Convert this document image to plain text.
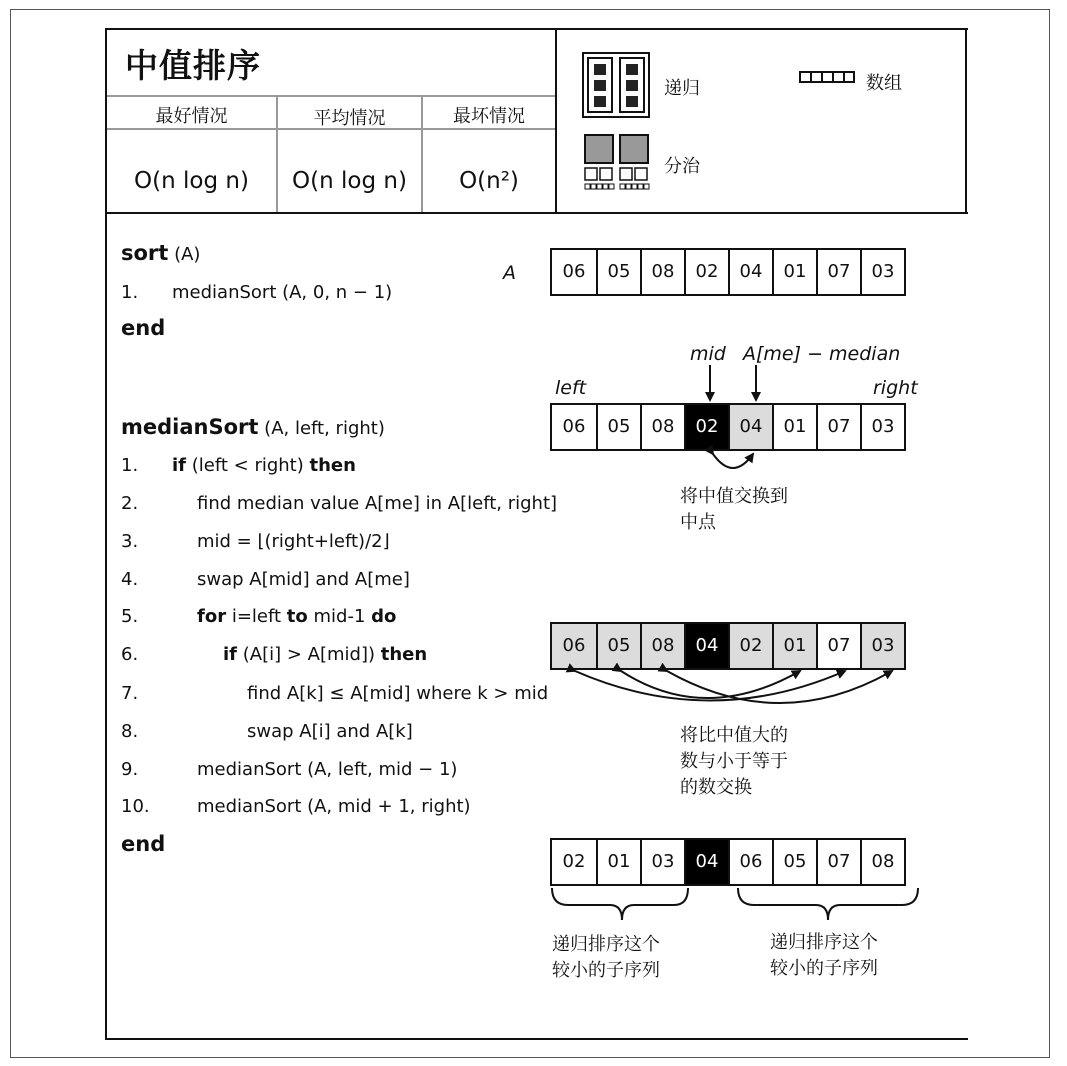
中值排序
最好情况	平均情况	最坏情况
O(n log n)	O(n log n)	O(n²)
递归	数组
分治
sort (A)
1. medianSort (A, 0, n − 1)
end
medianSort (A, left, right)
1. if (left < right) then
2.	find median value A[me] in A[left, right]
3.	mid = ⌊(right+left)/2⌋
4.	swap A[mid] and A[me]
5.	for i=left to mid-1 do
6.	if (A[i] > A[mid]) then
7.	find A[k] ≤ A[mid] where k > mid
8.	swap A[i] and A[k]
9.	medianSort (A, left, mid − 1)
10.	medianSort (A, mid + 1, right)
end
A
mid A[me] − median
left	right
06	05	08	02	04	01	07	03
06	05	08	02	04	01	07	03
06	05	08	04	02	01	07	03
02	01	03	04	06	05	07	08
将中值交换到
中点
将比中值大的
数与小于等于
的数交换
递归排序这个
较小的子序列
递归排序这个
较小的子序列
